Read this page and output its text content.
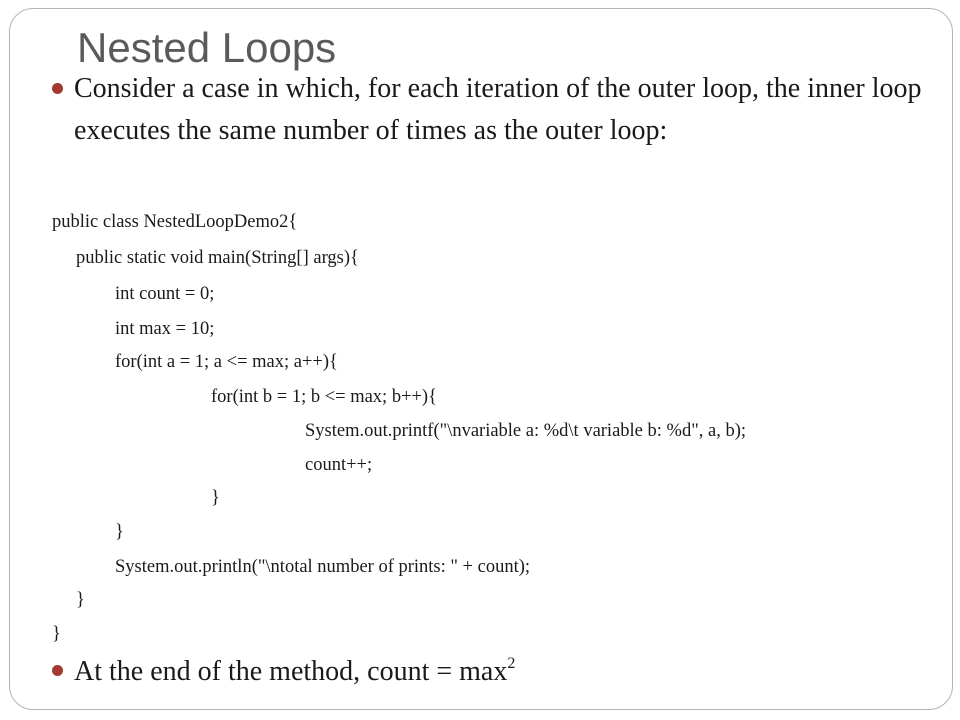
Nested Loops
Consider a case in which, for each iteration of the outer loop, the inner loop executes the same number of times as the outer loop:
public class NestedLoopDemo2{
public static void main(String[] args){
int count = 0;
int max = 10;
for(int a = 1; a <= max; a++){
for(int b = 1; b <= max; b++){
System.out.printf("\nvariable a: %d\t variable b: %d", a, b);
count++;
}
}
System.out.println("\ntotal number of prints: " + count);
}
}
At the end of the method, count = $\max^2$
